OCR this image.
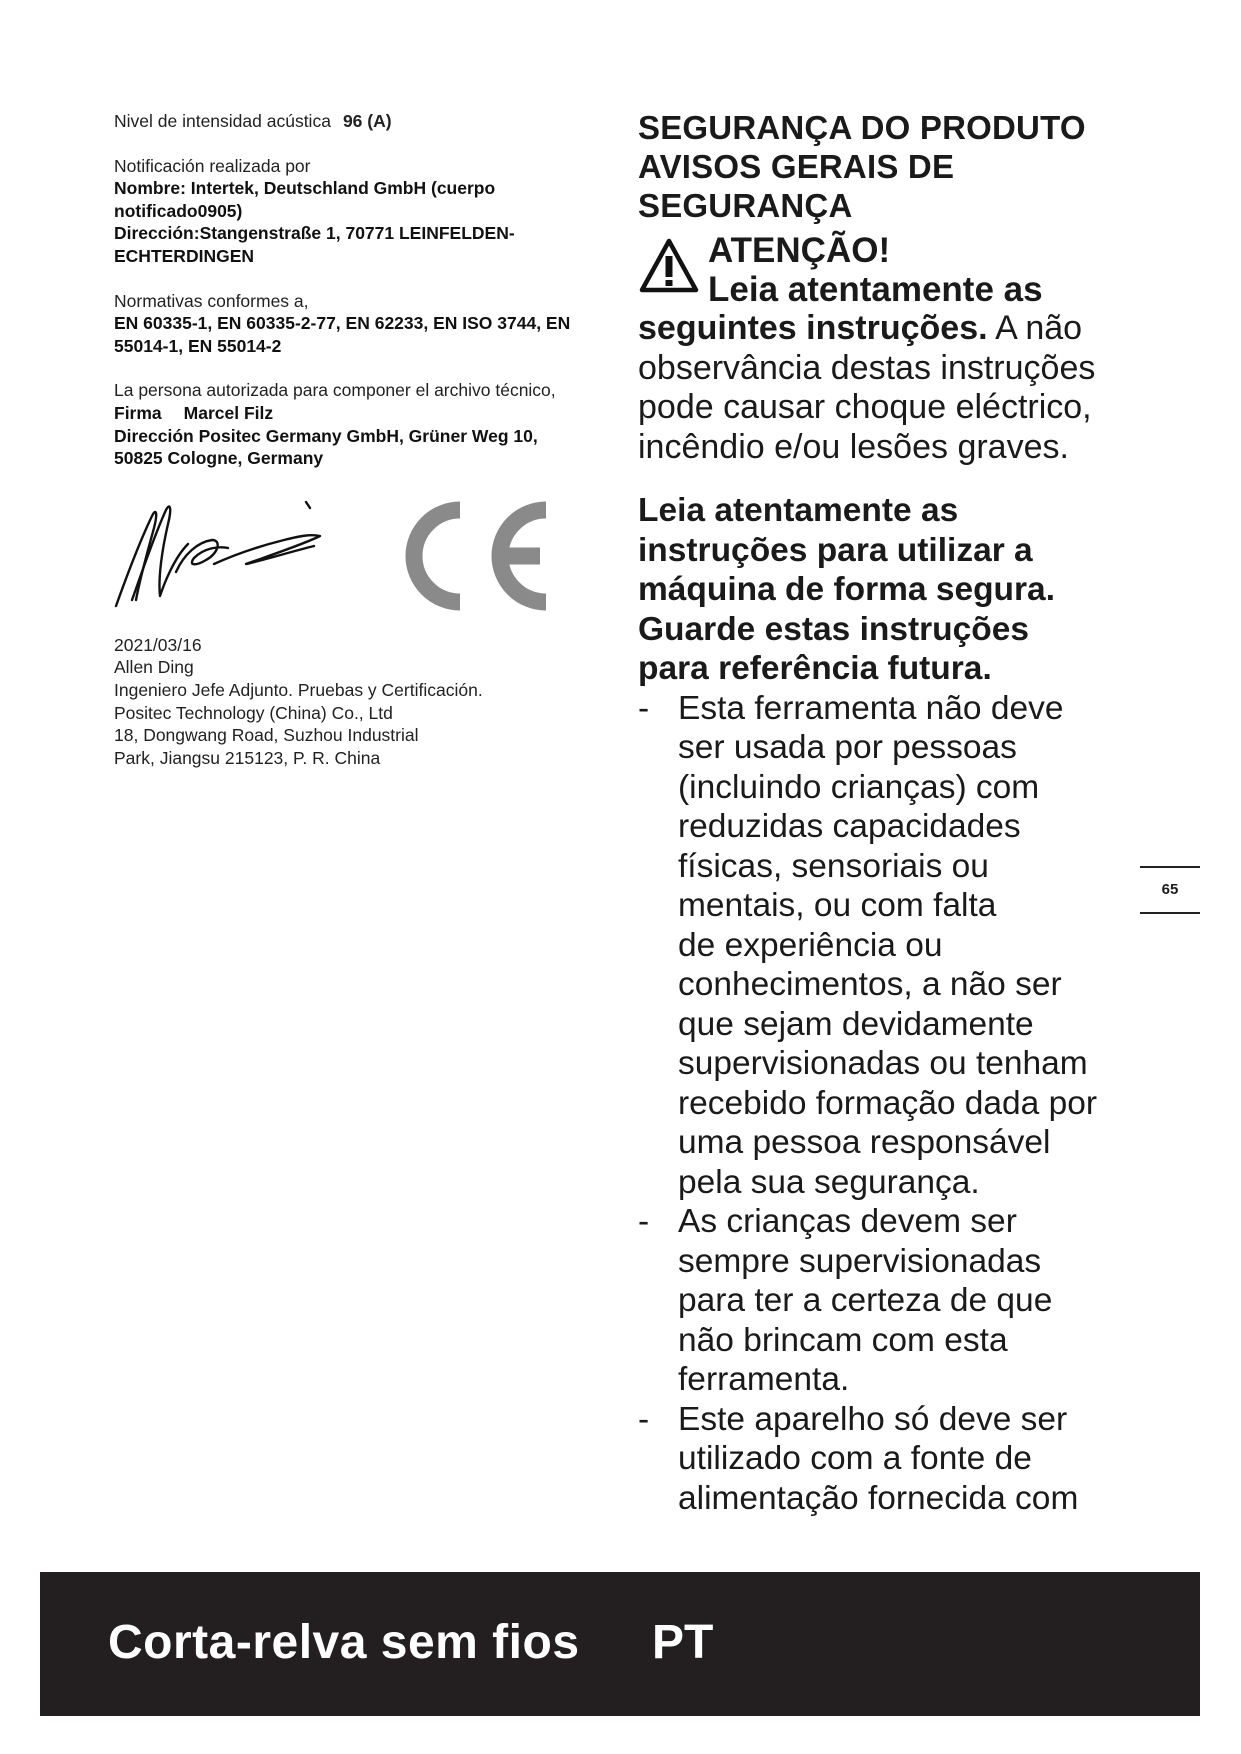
Nivel de intensidad acústica 96 (A)

Notificación realizada por

Nombre: Intertek, Deutschland GmbH (cuerpo

notificado0905)

Dirección:Stangenstraße 1, 70771 LEINFELDEN-

ECHTERDINGEN

Normativas conformes a,

EN 60335-1, EN 60335-2-77, EN 62233, EN ISO 3744, EN

55014-1, EN 55014-2

La persona autorizada para componer el archivo técnico,

Firma Marcel Filz

Dirección Positec Germany GmbH, Grüner Weg 10,

50825 Cologne, Germany

2021/03/16

Allen Ding

Ingeniero Jefe Adjunto. Pruebas y Certificación.

Positec Technology (China) Co., Ltd

18, Dongwang Road, Suzhou Industrial

Park, Jiangsu 215123, P. R. China

SEGURANÇA DO PRODUTO

AVISOS GERAIS DE

SEGURANÇA

ATENÇÃO!

Leia atentamente as

seguintes instruções. A não

observância destas instruções

pode causar choque eléctrico,

incêndio e/ou lesões graves.

Leia atentamente as
instruções para utilizar a
máquina de forma segura.
Guarde estas instruções
para referência futura.
- Esta ferramenta não deve
ser usada por pessoas
(incluindo crianças) com
reduzidas capacidades
físicas, sensoriais ou
mentais, ou com falta
de experiência ou
conhecimentos, a não ser
que sejam devidamente
supervisionadas ou tenham
recebido formação dada por
uma pessoa responsável
pela sua segurança.
- As crianças devem ser
sempre supervisionadas
para ter a certeza de que
não brincam com esta
ferramenta.
- Este aparelho só deve ser
utilizado com a fonte de
alimentação fornecida com
65
Corta-relva sem fios PT
